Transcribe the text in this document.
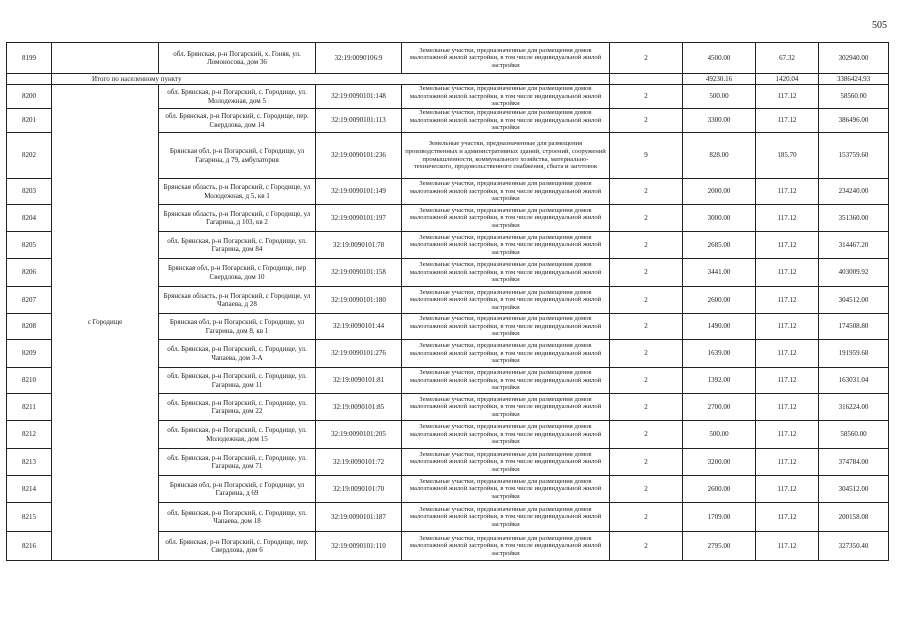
505
8199		обл. Брянская, р-н Погарский, х. Гоняя, ул. Ломоносова, дом 36	32:19:0090106:9	Земельные участки, предназначенные для размещения домов малоэтажной жилой застройки, в том числе индивидуальной жилой застройки	2	4500.00	67.32	302940.00
	Итого по населенному пункту					49230.16	1420.04	3386424.93
8200	с Городище	обл. Брянская, р-н Погарский, с. Городище, ул. Молодежная, дом 5	32:19:0090101:148	Земельные участки, предназначенные для размещения домов малоэтажной жилой застройки, в том числе индивидуальной жилой застройки	2	500.00	117.12	58560.00
8201		обл. Брянская, р-н Погарский, с. Городище, пер. Свердлова, дом 14	32:19:0090101:113	Земельные участки, предназначенные для размещения домов малоэтажной жилой застройки, в том числе индивидуальной жилой застройки	2	3300.00	117.12	386496.00
8202		Брянская обл, р-н Погарский, с Городище, ул Гагарина, д 79, амбулатория	32:19:0090101:236	Земельные участки, предназначенные для размещения производственных и административных зданий, строений, сооружений промышленности, коммунального хозяйства, материально-технического, продовольственного снабжения, сбыта и заготовок	9	828.00	185.70	153759.60
8203		Брянская область, р-н Погарский, с Городище, ул Молодежная, д 5, кв 1	32:19:0090101:149	Земельные участки, предназначенные для размещения домов малоэтажной жилой застройки, в том числе индивидуальной жилой застройки	2	2000.00	117.12	234240.00
8204		Брянская область, р-н Погарский, с Городище, ул Гагарина, д 103, кв 2	32:19:0090101:197	Земельные участки, предназначенные для размещения домов малоэтажной жилой застройки, в том числе индивидуальной жилой застройки	2	3000.00	117.12	351360.00
8205		обл. Брянская, р-н Погарский, с. Городище, ул. Гагарина, дом 84	32:19:0090101:78	Земельные участки, предназначенные для размещения домов малоэтажной жилой застройки, в том числе индивидуальной жилой застройки	2	2685.00	117.12	314467.20
8206		Брянская обл, р-н Погарский, с Городище, пер Свердлова, дом 10	32:19:0090101:158	Земельные участки, предназначенные для размещения домов малоэтажной жилой застройки, в том числе индивидуальной жилой застройки	2	3441.00	117.12	403009.92
8207		Брянская область, р-н Погарский, с Городище, ул Чапаева, д 28	32:19:0090101:180	Земельные участки, предназначенные для размещения домов малоэтажной жилой застройки, в том числе индивидуальной жилой застройки	2	2600.00	117.12	304512.00
8208		Брянская обл, р-н Погарский, с Городище, ул Гагарина, дом 8, кв 1	32:19:0090101:44	Земельные участки, предназначенные для размещения домов малоэтажной жилой застройки, в том числе индивидуальной жилой застройки	2	1490.00	117.12	174508.80
8209		обл. Брянская, р-н Погарский, с. Городище, ул. Чапаева, дом 3-А	32:19:0090101:276	Земельные участки, предназначенные для размещения домов малоэтажной жилой застройки, в том числе индивидуальной жилой застройки	2	1639.00	117.12	191959.68
8210		обл. Брянская, р-н Погарский, с. Городище, ул. Гагарина, дом 11	32:19:0090101:81	Земельные участки, предназначенные для размещения домов малоэтажной жилой застройки, в том числе индивидуальной жилой застройки	2	1392.00	117.12	163031.04
8211		обл. Брянская, р-н Погарский, с. Городище, ул. Гагарина, дом 22	32:19:0090101:85	Земельные участки, предназначенные для размещения домов малоэтажной жилой застройки, в том числе индивидуальной жилой застройки	2	2700.00	117.12	316224.00
8212		обл. Брянская, р-н Погарский, с. Городище, ул. Молодежная, дом 15	32:19:0090101:205	Земельные участки, предназначенные для размещения домов малоэтажной жилой застройки, в том числе индивидуальной жилой застройки	2	500.00	117.12	58560.00
8213		обл. Брянская, р-н Погарский, с. Городище, ул. Гагарина, дом 71	32:19:0090101:72	Земельные участки, предназначенные для размещения домов малоэтажной жилой застройки, в том числе индивидуальной жилой застройки	2	3200.00	117.12	374784.00
8214		Брянская обл, р-н Погарский, с Городище, ул Гагарина, д 69	32:19:0090101:70	Земельные участки, предназначенные для размещения домов малоэтажной жилой застройки, в том числе индивидуальной жилой застройки	2	2600.00	117.12	304512.00
8215		обл. Брянская, р-н Погарский, с. Городище, ул. Чапаева, дом 18	32:19:0090101:187	Земельные участки, предназначенные для размещения домов малоэтажной жилой застройки, в том числе индивидуальной жилой застройки	2	1709.00	117.12	200158.08
8216		обл. Брянская, р-н Погарский, с. Городище, пер. Свердлова, дом 6	32:19:0090101:110	Земельные участки, предназначенные для размещения домов малоэтажной жилой застройки, в том числе индивидуальной жилой застройки	2	2795.00	117.12	327350.40
